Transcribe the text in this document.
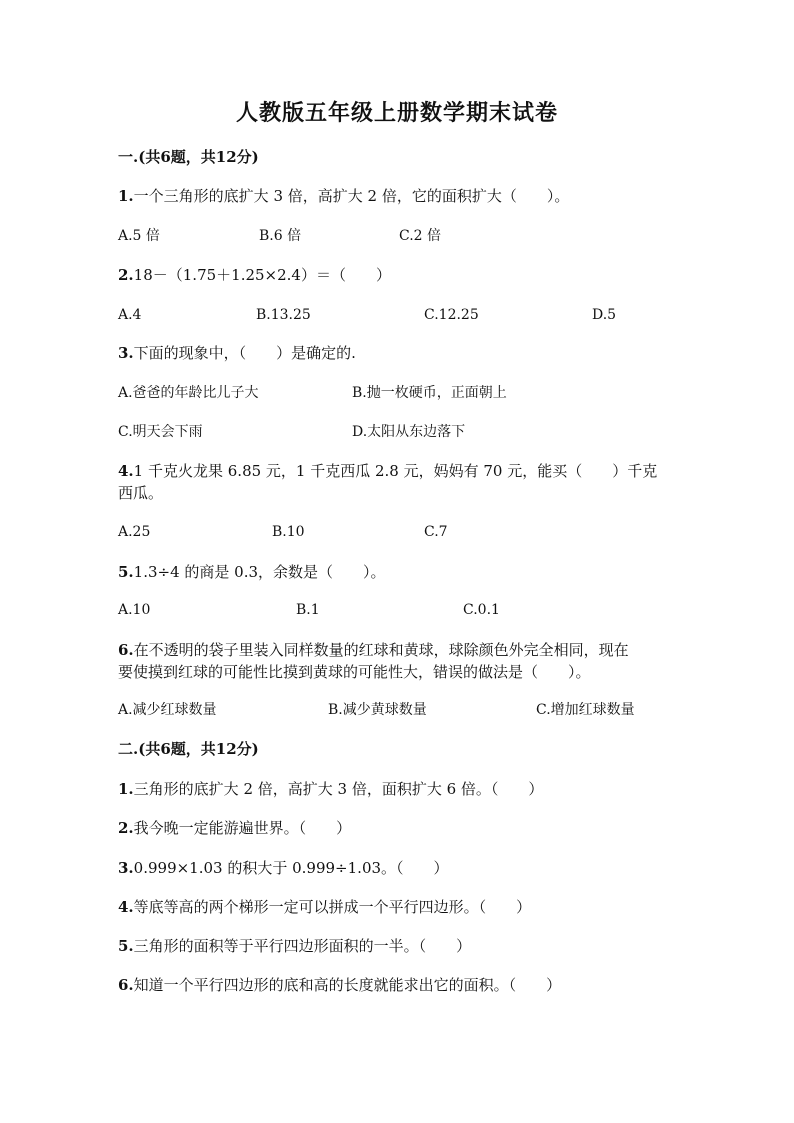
人教版五年级上册数学期末试卷
一.(共6题，共12分)
1.一个三角形的底扩大 3 倍，高扩大 2 倍，它的面积扩大（　　）。
A.5 倍	B.6 倍	C.2 倍
2.18－（1.75＋1.25×2.4）＝（　　）
A.4	B.13.25	C.12.25	D.5
3.下面的现象中，（　　）是确定的.
A.爸爸的年龄比儿子大	B.抛一枚硬币，正面朝上
C.明天会下雨	D.太阳从东边落下
4.1 千克火龙果 6.85 元，1 千克西瓜 2.8 元，妈妈有 70 元，能买（　　）千克
西瓜。
A.25	B.10	C.7
5.1.3÷4 的商是 0.3，余数是（　　）。
A.10	B.1	C.0.1
6.在不透明的袋子里装入同样数量的红球和黄球，球除颜色外完全相同，现在
要使摸到红球的可能性比摸到黄球的可能性大，错误的做法是（　　）。
A.减少红球数量	B.减少黄球数量	C.增加红球数量
二.(共6题，共12分)
1.三角形的底扩大 2 倍，高扩大 3 倍，面积扩大 6 倍。（　　）
2.我今晚一定能游遍世界。（　　）
3.0.999×1.03 的积大于 0.999÷1.03。（　　）
4.等底等高的两个梯形一定可以拼成一个平行四边形。（　　）
5.三角形的面积等于平行四边形面积的一半。（　　）
6.知道一个平行四边形的底和高的长度就能求出它的面积。（　　）
